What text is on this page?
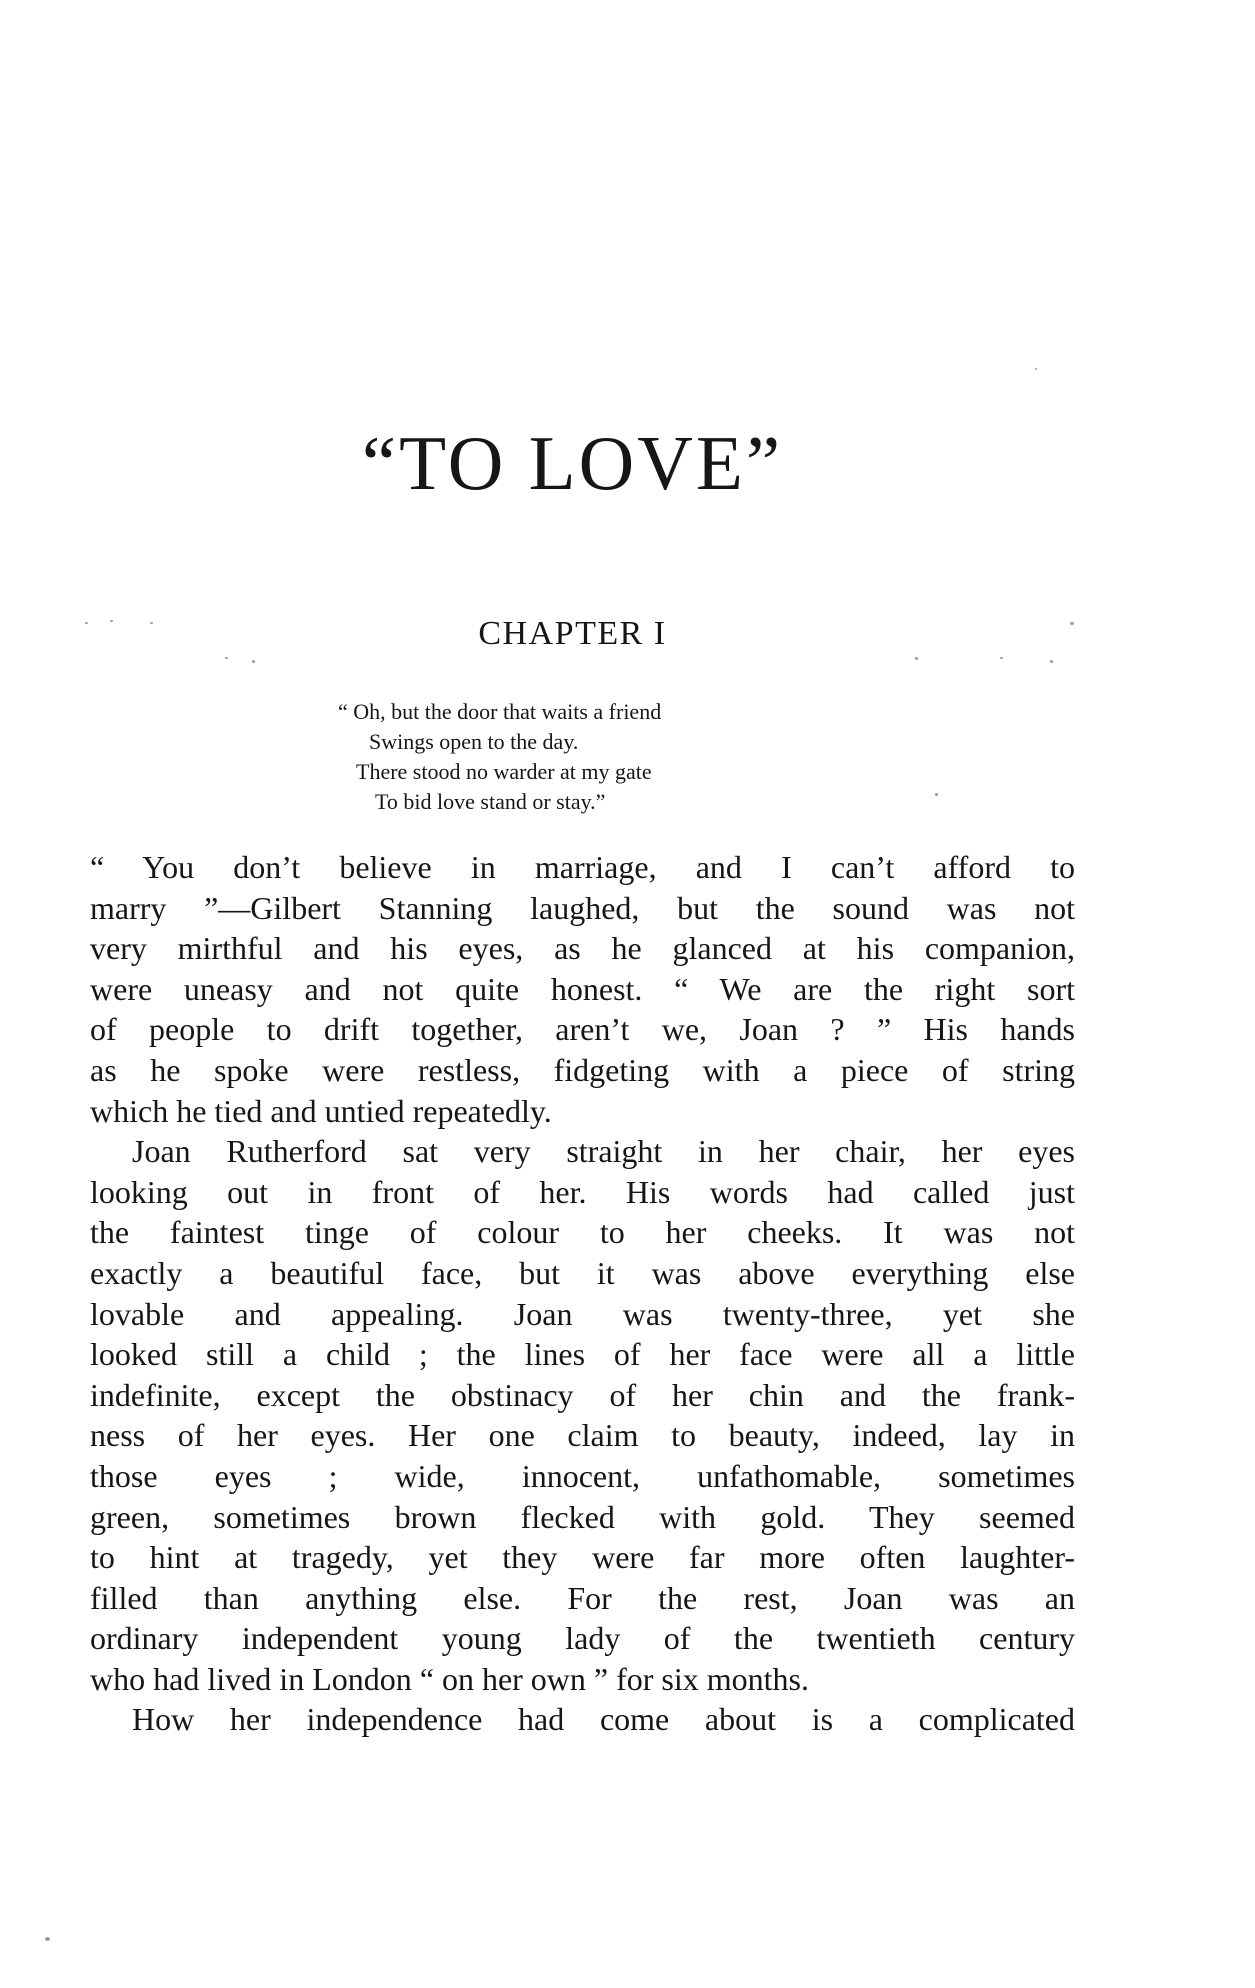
“TO LOVE”
CHAPTER I
“ Oh, but the door that waits a friend
Swings open to the day.
There stood no warder at my gate
To bid love stand or stay.”
“ You don’t believe in marriage, and I can’t afford to
marry ”—Gilbert Stanning laughed, but the sound was not
very mirthful and his eyes, as he glanced at his companion,
were uneasy and not quite honest. “ We are the right sort
of people to drift together, aren’t we, Joan ? ” His hands
as he spoke were restless, fidgeting with a piece of string
which he tied and untied repeatedly.
Joan Rutherford sat very straight in her chair, her eyes
looking out in front of her. His words had called just
the faintest tinge of colour to her cheeks. It was not
exactly a beautiful face, but it was above everything else
lovable and appealing. Joan was twenty-three, yet she
looked still a child ; the lines of her face were all a little
indefinite, except the obstinacy of her chin and the frank-
ness of her eyes. Her one claim to beauty, indeed, lay in
those eyes ; wide, innocent, unfathomable, sometimes
green, sometimes brown flecked with gold. They seemed
to hint at tragedy, yet they were far more often laughter-
filled than anything else. For the rest, Joan was an
ordinary independent young lady of the twentieth century
who had lived in London “ on her own ” for six months.
How her independence had come about is a complicated
